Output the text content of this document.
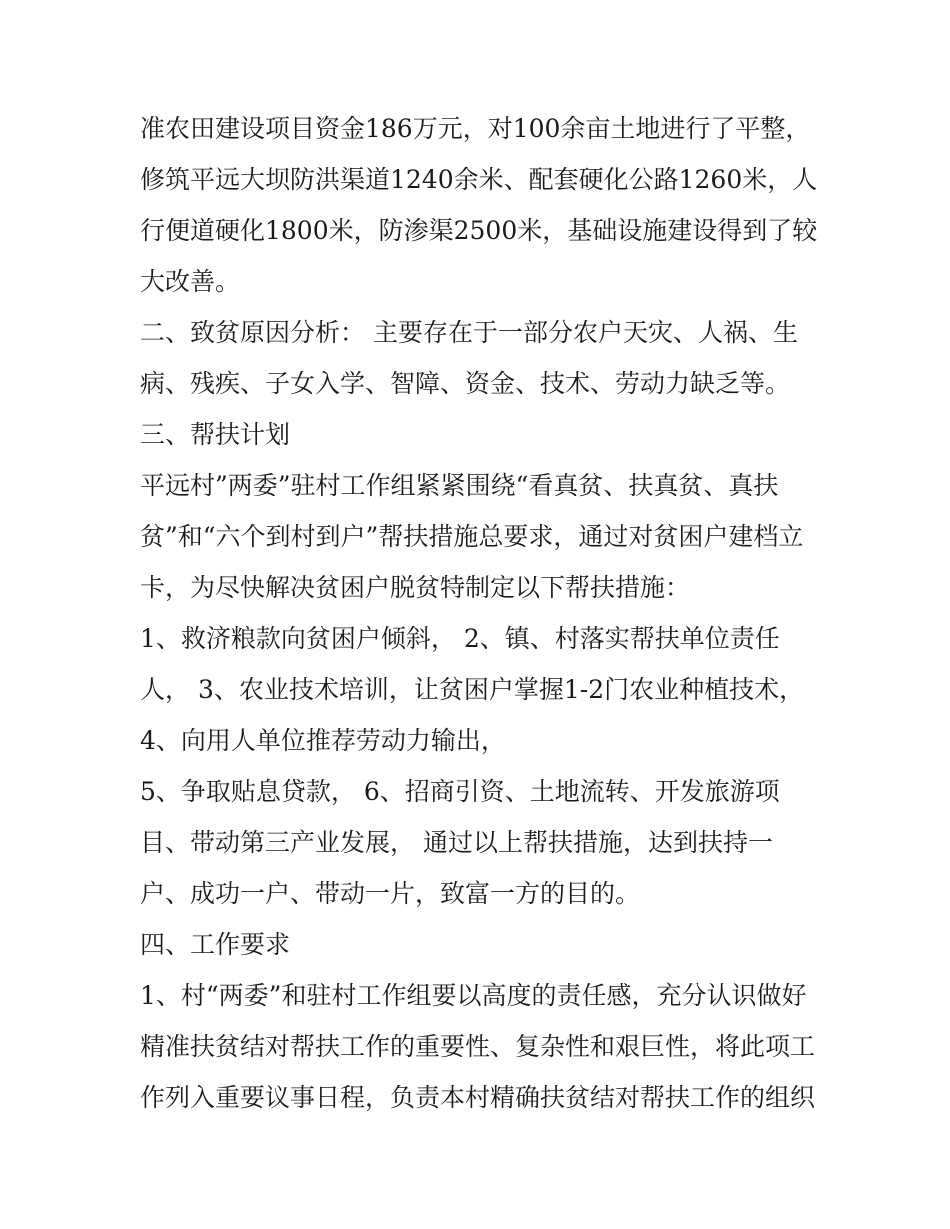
准农田建设项目资金186万元，对100余亩土地进行了平整，
修筑平远大坝防洪渠道1240余米、配套硬化公路1260米，人
行便道硬化1800米，防渗渠2500米，基础设施建设得到了较
大改善。
二、致贫原因分析： 主要存在于一部分农户天灾、人祸、生
病、残疾、子女入学、智障、资金、技术、劳动力缺乏等。
三、帮扶计划
平远村”两委”驻村工作组紧紧围绕“看真贫、扶真贫、真扶
贫”和“六个到村到户”帮扶措施总要求，通过对贫困户建档立
卡，为尽快解决贫困户脱贫特制定以下帮扶措施：
1、救济粮款向贫困户倾斜， 2、镇、村落实帮扶单位责任
人， 3、农业技术培训，让贫困户掌握1-2门农业种植技术，
4、向用人单位推荐劳动力输出，
5、争取贴息贷款， 6、招商引资、土地流转、开发旅游项
目、带动第三产业发展， 通过以上帮扶措施，达到扶持一
户、成功一户、带动一片，致富一方的目的。
四、工作要求
1、村“两委”和驻村工作组要以高度的责任感，充分认识做好
精准扶贫结对帮扶工作的重要性、复杂性和艰巨性，将此项工
作列入重要议事日程，负责本村精确扶贫结对帮扶工作的组织
